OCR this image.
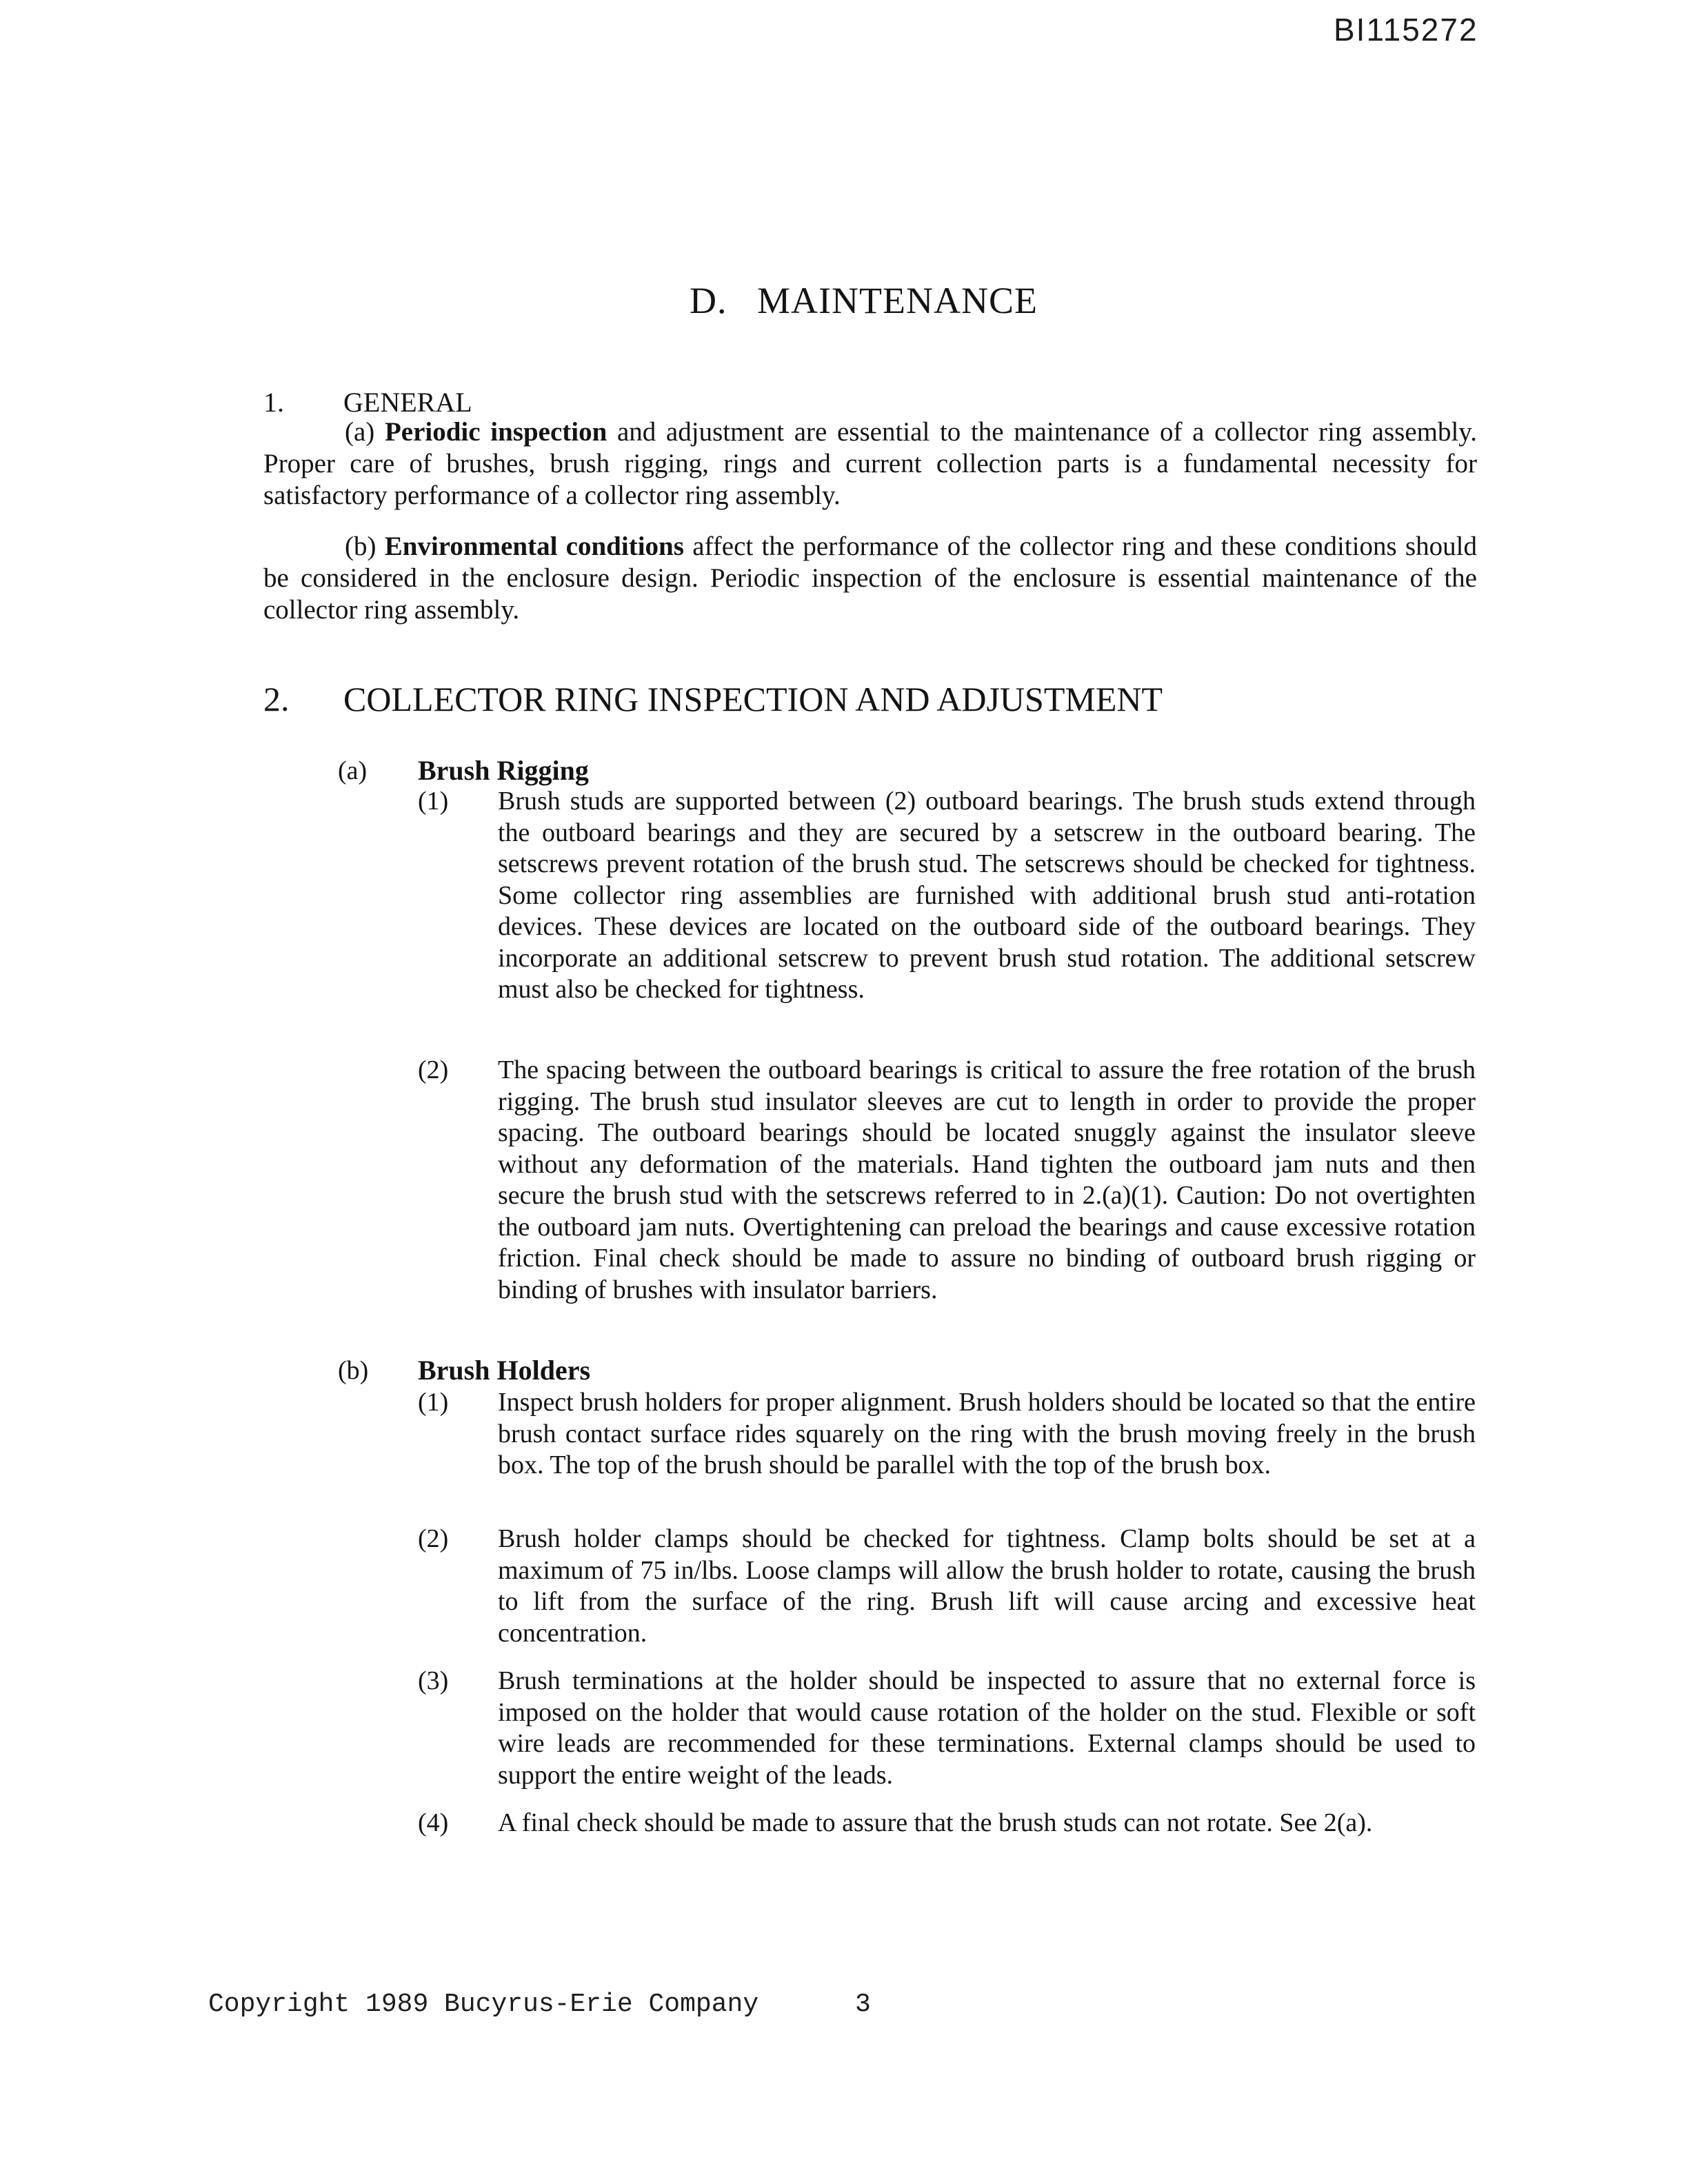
BI115272
D.   MAINTENANCE
1. GENERAL
(a) Periodic inspection and adjustment are essential to the maintenance of a collector ring assembly. Proper care of brushes, brush rigging, rings and current collection parts is a fundamental necessity for satisfactory performance of a collector ring assembly.
(b) Environmental conditions affect the performance of the collector ring and these conditions should be considered in the enclosure design. Periodic inspection of the enclosure is essential maintenance of the collector ring assembly.
2. COLLECTOR RING INSPECTION AND ADJUSTMENT
(a) Brush Rigging
(1) Brush studs are supported between (2) outboard bearings. The brush studs extend through the outboard bearings and they are secured by a setscrew in the outboard bearing. The setscrews prevent rotation of the brush stud. The setscrews should be checked for tightness. Some collector ring assemblies are furnished with additional brush stud anti-rotation devices. These devices are located on the outboard side of the outboard bearings. They incorporate an additional setscrew to prevent brush stud rotation. The additional setscrew must also be checked for tightness.
(2) The spacing between the outboard bearings is critical to assure the free rotation of the brush rigging. The brush stud insulator sleeves are cut to length in order to provide the proper spacing. The outboard bearings should be located snuggly against the insulator sleeve without any deformation of the materials. Hand tighten the outboard jam nuts and then secure the brush stud with the setscrews referred to in 2.(a)(1). Caution: Do not overtighten the outboard jam nuts. Overtightening can preload the bearings and cause excessive rotation friction. Final check should be made to assure no binding of outboard brush rigging or binding of brushes with insulator barriers.
(b) Brush Holders
(1) Inspect brush holders for proper alignment. Brush holders should be located so that the entire brush contact surface rides squarely on the ring with the brush moving freely in the brush box. The top of the brush should be parallel with the top of the brush box.
(2) Brush holder clamps should be checked for tightness. Clamp bolts should be set at a maximum of 75 in/lbs. Loose clamps will allow the brush holder to rotate, causing the brush to lift from the surface of the ring. Brush lift will cause arcing and excessive heat concentration.
(3) Brush terminations at the holder should be inspected to assure that no external force is imposed on the holder that would cause rotation of the holder on the stud. Flexible or soft wire leads are recommended for these terminations. External clamps should be used to support the entire weight of the leads.
(4) A final check should be made to assure that the brush studs can not rotate. See 2(a).
Copyright 1989 Bucyrus-Erie Company	3
